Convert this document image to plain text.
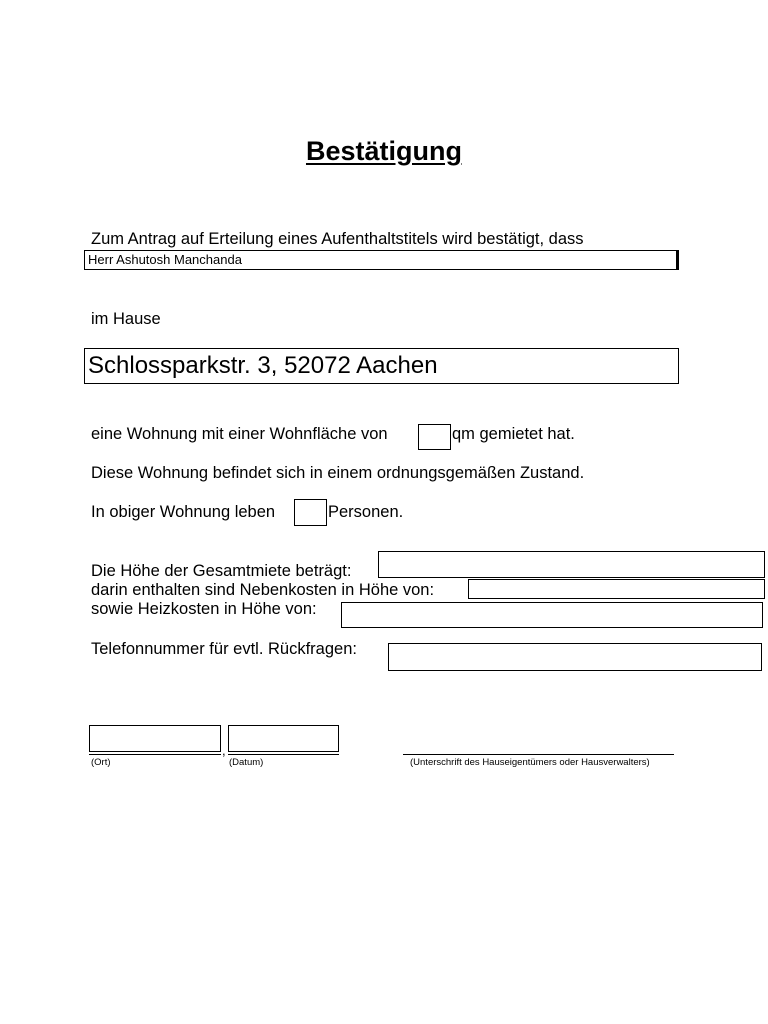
Bestätigung
Zum Antrag auf Erteilung eines Aufenthaltstitels wird bestätigt, dass
Herr Ashutosh Manchanda
im Hause
Schlossparkstr. 3, 52072 Aachen
eine Wohnung mit einer Wohnfläche von	qm gemietet hat.
Diese Wohnung befindet sich in einem ordnungsgemäßen Zustand.
In obiger Wohnung leben	Personen.
Die Höhe der Gesamtmiete beträgt:
darin enthalten sind Nebenkosten in Höhe von:
sowie Heizkosten in Höhe von:
Telefonnummer für evtl. Rückfragen:
,
(Ort)	(Datum)	(Unterschrift des Hauseigentümers oder Hausverwalters)
